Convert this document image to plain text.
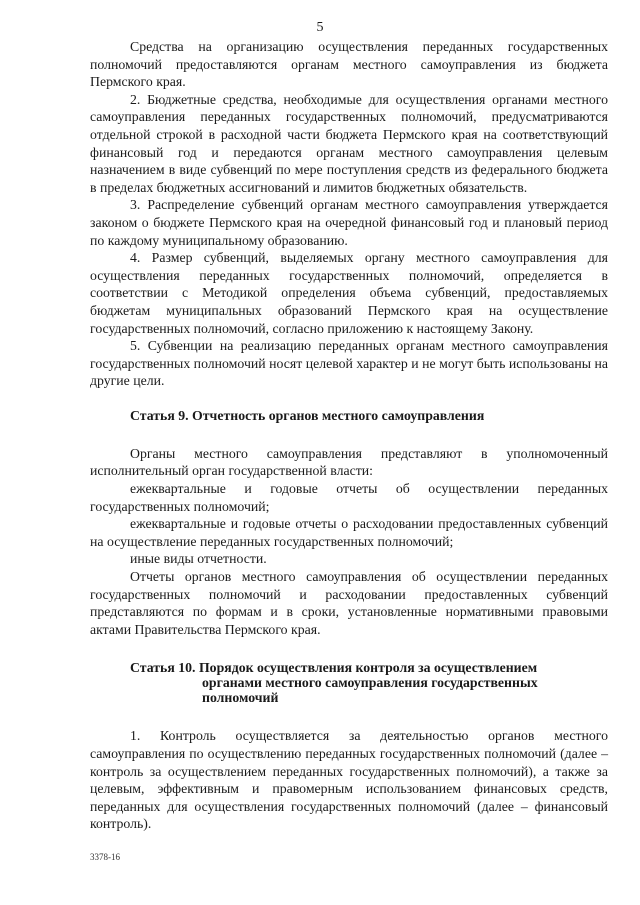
5

Средства на организацию осуществления переданных государственных полномочий предоставляются органам местного самоуправления из бюджета Пермского края.

2. Бюджетные средства, необходимые для осуществления органами местного самоуправления переданных государственных полномочий, предусматриваются отдельной строкой в расходной части бюджета Пермского края на соответствующий финансовый год и передаются органам местного самоуправления целевым назначением в виде субвенций по мере поступления средств из федерального бюджета в пределах бюджетных ассигнований и лимитов бюджетных обязательств.

3. Распределение субвенций органам местного самоуправления утверждается законом о бюджете Пермского края на очередной финансовый год и плановый период по каждому муниципальному образованию.

4. Размер субвенций, выделяемых органу местного самоуправления для осуществления переданных государственных полномочий, определяется в соответствии с Методикой определения объема субвенций, предоставляемых бюджетам муниципальных образований Пермского края на осуществление государственных полномочий, согласно приложению к настоящему Закону.

5. Субвенции на реализацию переданных органам местного самоуправления государственных полномочий носят целевой характер и не могут быть использованы на другие цели.

Статья 9. Отчетность органов местного самоуправления

Органы местного самоуправления представляют в уполномоченный исполнительный орган государственной власти:

ежеквартальные и годовые отчеты об осуществлении переданных государственных полномочий;

ежеквартальные и годовые отчеты о расходовании предоставленных субвенций на осуществление переданных государственных полномочий;

иные виды отчетности.

Отчеты органов местного самоуправления об осуществлении переданных государственных полномочий и расходовании предоставленных субвенций представляются по формам и в сроки, установленные нормативными правовыми актами Правительства Пермского края.

Статья 10. Порядок осуществления контроля за осуществлением
органами местного самоуправления государственных
полномочий

1. Контроль осуществляется за деятельностью органов местного самоуправления по осуществлению переданных государственных полномочий (далее – контроль за осуществлением переданных государственных полномочий), а также за целевым, эффективным и правомерным использованием финансовых средств, переданных для осуществления государственных полномочий (далее – финансовый контроль).

3378-16
